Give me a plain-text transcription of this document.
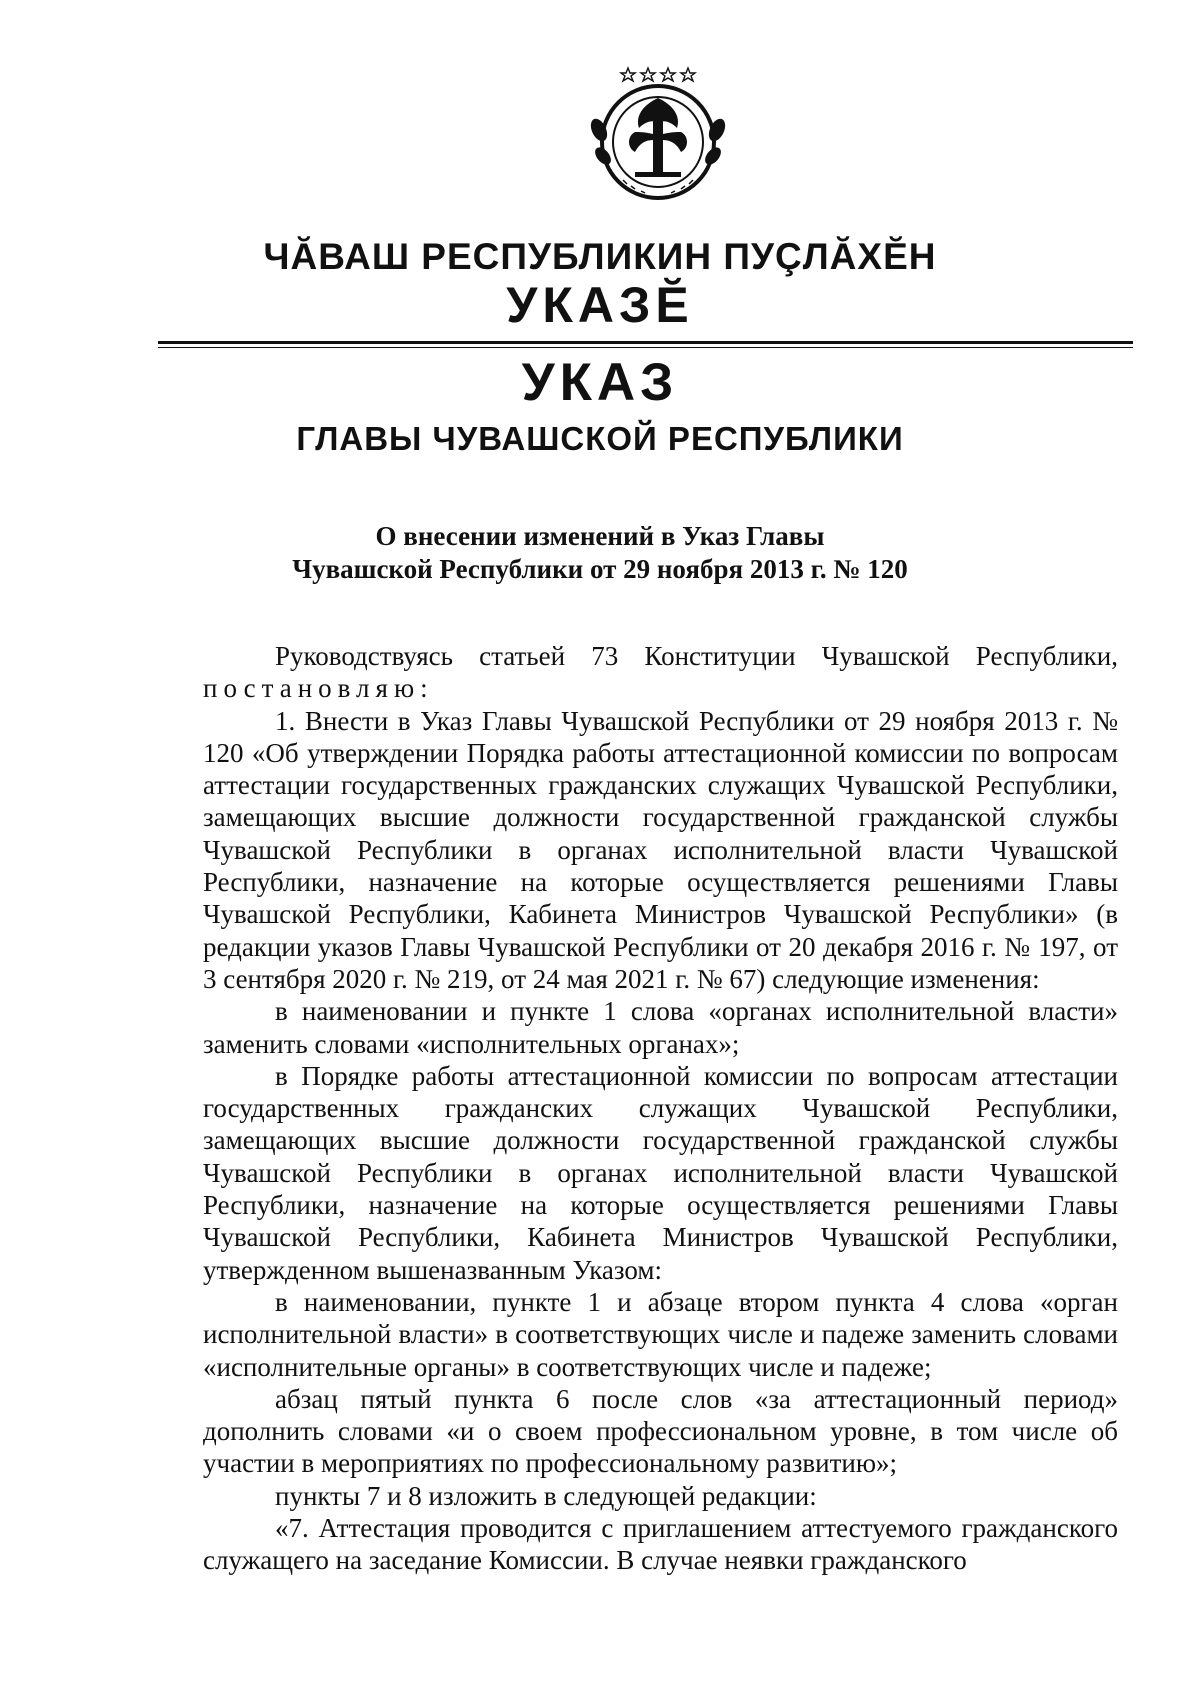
ЧĂВАШ РЕСПУБЛИКИН ПУÇЛĂХĔН
УКАЗĔ
УКАЗ
ГЛАВЫ ЧУВАШСКОЙ РЕСПУБЛИКИ
О внесении изменений в Указ Главы
Чувашской Республики от 29 ноября 2013 г. № 120

Руководствуясь статьей 73 Конституции Чувашской Республики, постановляю:

1. Внести в Указ Главы Чувашской Республики от 29 ноября 2013 г. № 120 «Об утверждении Порядка работы аттестационной комиссии по вопросам аттестации государственных гражданских служащих Чувашской Республики, замещающих высшие должности государственной гражданской службы Чувашской Республики в органах исполнительной власти Чувашской Республики, назначение на которые осуществляется решениями Главы Чувашской Республики, Кабинета Министров Чувашской Республики» (в редакции указов Главы Чувашской Республики от 20 декабря 2016 г. № 197, от 3 сентября 2020 г. № 219, от 24 мая 2021 г. № 67) следующие изменения:

в наименовании и пункте 1 слова «органах исполнительной власти» заменить словами «исполнительных органах»;

в Порядке работы аттестационной комиссии по вопросам аттестации государственных гражданских служащих Чувашской Республики, замещающих высшие должности государственной гражданской службы Чувашской Республики в органах исполнительной власти Чувашской Республики, назначение на которые осуществляется решениями Главы Чувашской Республики, Кабинета Министров Чувашской Республики, утвержденном вышеназванным Указом:

в наименовании, пункте 1 и абзаце втором пункта 4 слова «орган исполнительной власти» в соответствующих числе и падеже заменить словами «исполнительные органы» в соответствующих числе и падеже;

абзац пятый пункта 6 после слов «за аттестационный период» дополнить словами «и о своем профессиональном уровне, в том числе об участии в мероприятиях по профессиональному развитию»;

пункты 7 и 8 изложить в следующей редакции:

«7. Аттестация проводится с приглашением аттестуемого гражданского служащего на заседание Комиссии. В случае неявки гражданского
